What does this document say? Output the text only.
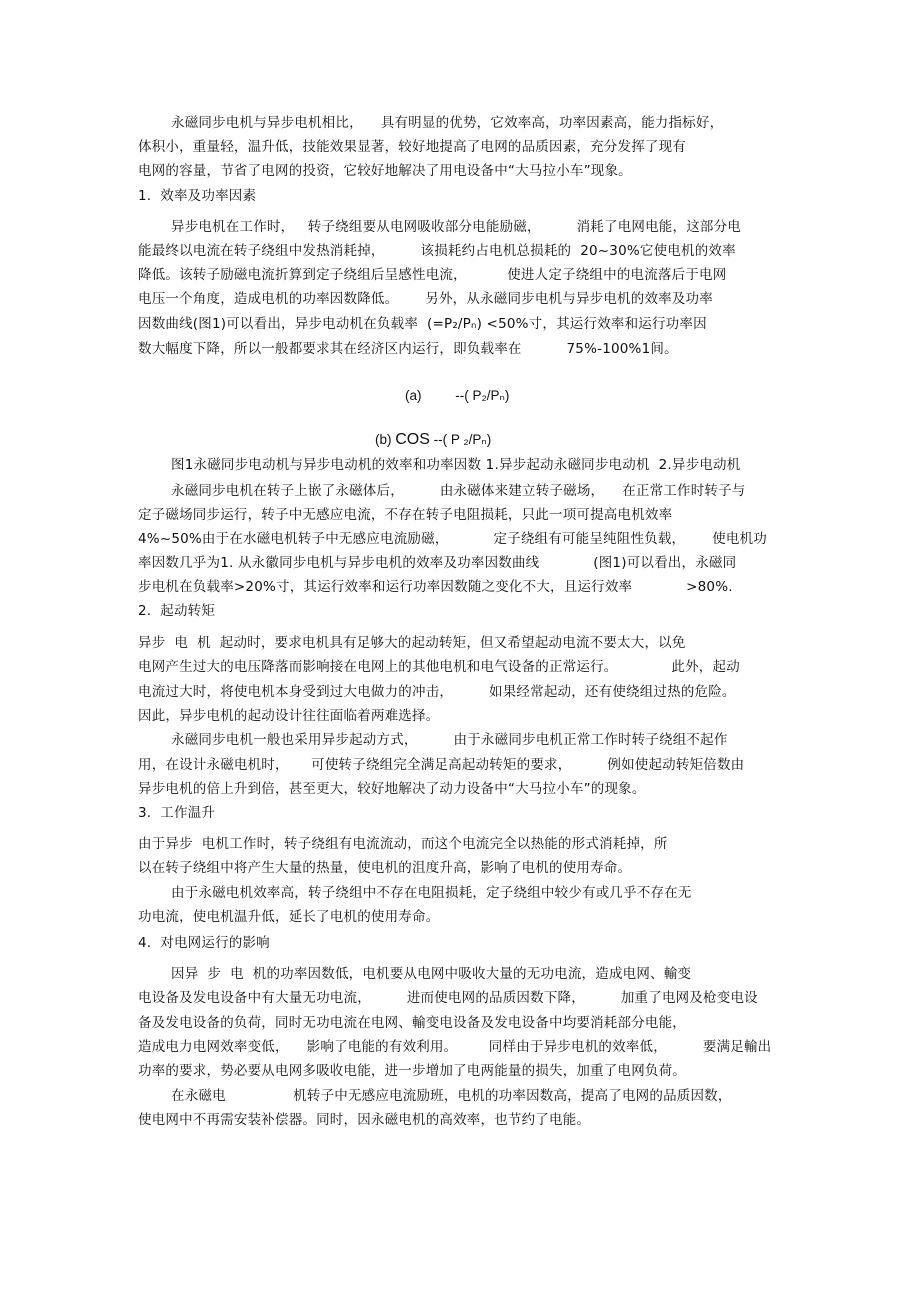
永磁同步电机与异步电机相比，    具有明显的优势，它效率高，功率因素高，能力指标好，
体积小，重量轻，温升低，技能效果显著，较好地提高了电网的品质因素，充分发挥了现有
电网的容量，节省了电网的投资，它较好地解决了用电设备中“大马拉小车”现象。
1.  效率及功率因素
异步电机在工作时，   转子绕组要从电网吸收部分电能励磁，        消耗了电网电能，这部分电
能最终以电流在转子绕组中发热消耗掉，        该损耗约占电机总损耗的  20~30%它使电机的效率
降低。该转子励磁电流折算到定子绕组后呈感性电流，         使进人定子绕组中的电流落后于电网
电压一个角度，造成电机的功率因数降低。      另外，从永磁同步电机与异步电机的效率及功率
因数曲线(图1)可以看出，异步电动机在负载率  (=P₂/Pₙ) <50%寸，其运行效率和运行功率因
数大幅度下降，所以一般都要求其在经济区内运行，即负载率在          75%-100%1间。
(a)         --( P₂/Pₙ)
(b) COS --( P ₂/Pₙ)
图1永磁同步电动机与异步电动机的效率和功率因数 1.异步起动永磁同步电动机  2.异步电动机
永磁同步电机在转子上嵌了永磁体后，        由永磁体来建立转子磁场，    在正常工作时转子与
定子磁场同步运行，转子中无感应电流，不存在转子电阻损耗，只此一项可提高电机效率
4%~50%由于在水磁电机转子中无感应电流励磁，          定子绕组有可能呈纯阻性负载，      使电机功
率因数几乎为1. 从永徽同步电机与异步电机的效率及功率因数曲线            (图1)可以看出，永磁同
步电机在负载率>20%寸，其运行效率和运行功率因数随之变化不大，且运行效率            >80%.
2.  起动转矩
异步  电  机  起动时，要求电机具有足够大的起动转矩，但又希望起动电流不要太大，以免
电网产生过大的电压降落而影响接在电网上的其他电机和电气设备的正常运行。            此外，起动
电流过大时，将使电机本身受到过大电做力的冲击，        如果经常起动，还有使绕组过热的危险。
因此，异步电机的起动设计往往面临着两难选择。
永磁同步电机一般也采用异步起动方式，        由于永磁同步电机正常工作时转子绕组不起作
用，在设计永磁电机时，     可使转子绕组完全满足高起动转矩的要求，        例如使起动转矩倍数由
异步电机的倍上升到倍，甚至更大，较好地解决了动力设备中“大马拉小车”的现象。
3.  工作温升
由于异步  电机工作时，转子绕组有电流流动，而这个电流完全以热能的形式消耗掉，所
以在转子绕组中将产生大量的热量，使电机的沮度升高，影响了电机的使用寿命。
由于永磁电机效率高，转子绕组中不存在电阻损耗，定子绕组中较少有或几乎不存在无
功电流，使电机温升低，延长了电机的使用寿命。
4.  对电网运行的影响
因异  步  电  机的功率因数低，电机要从电网中吸收大量的无功电流，造成电网、輸变
电设备及发电设备中有大量无功电流，        进而使电网的品质因数下降，        加重了电网及枪变电设
备及发电设备的负荷，同时无功电流在电网、輸变电设备及发电设备中均要消耗部分电能，
造成电力电网效率变低，    影响了电能的有效利用。       同样由于异步电机的效率低，        要满足輸出
功率的要求，势必要从电网多吸收电能，进一步增加了电两能量的损失，加重了电网负荷。
在永磁电               机转子中无感应电流励班，电机的功率因数高，提高了电网的品质因数，
使电网中不再需安装补偿器。同时，因永磁电机的高效率，也节约了电能。
